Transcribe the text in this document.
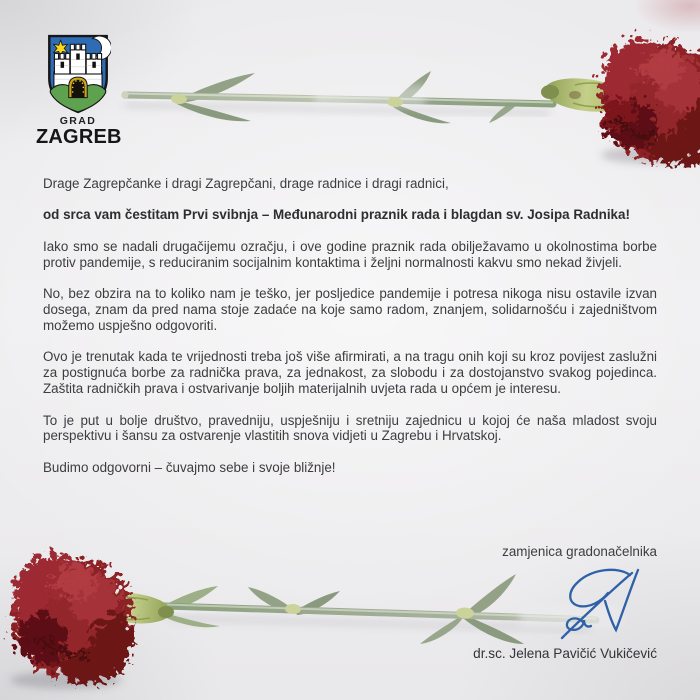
GRAD
ZAGREB

Drage Zagrepčanke i dragi Zagrepčani, drage radnice i dragi radnici,

od srca vam čestitam Prvi svibnja – Međunarodni praznik rada i blagdan sv. Josipa Radnika!

Iako smo se nadali drugačijemu ozračju, i ove godine praznik rada obilježavamo u okolnostima borbe protiv pandemije, s reduciranim socijalnim kontaktima i željni normalnosti kakvu smo nekad živjeli.

No, bez obzira na to koliko nam je teško, jer posljedice pandemije i potresa nikoga nisu ostavile izvan dosega, znam da pred nama stoje zadaće na koje samo radom, znanjem, solidarnošću i zajedništvom možemo uspješno odgovoriti.

Ovo je trenutak kada te vrijednosti treba još više afirmirati, a na tragu onih koji su kroz povijest zaslužni za postignuća borbe za radnička prava, za jednakost, za slobodu i za dostojanstvo svakog pojedinca. Zaštita radničkih prava i ostvarivanje boljih materijalnih uvjeta rada u općem je interesu.

To je put u bolje društvo, pravedniju, uspješniju i sretniju zajednicu u kojoj će naša mladost svoju perspektivu i šansu za ostvarenje vlastitih snova vidjeti u Zagrebu i Hrvatskoj.

Budimo odgovorni – čuvajmo sebe i svoje bližnje!

zamjenica gradonačelnika
dr.sc. Jelena Pavičić Vukičević
